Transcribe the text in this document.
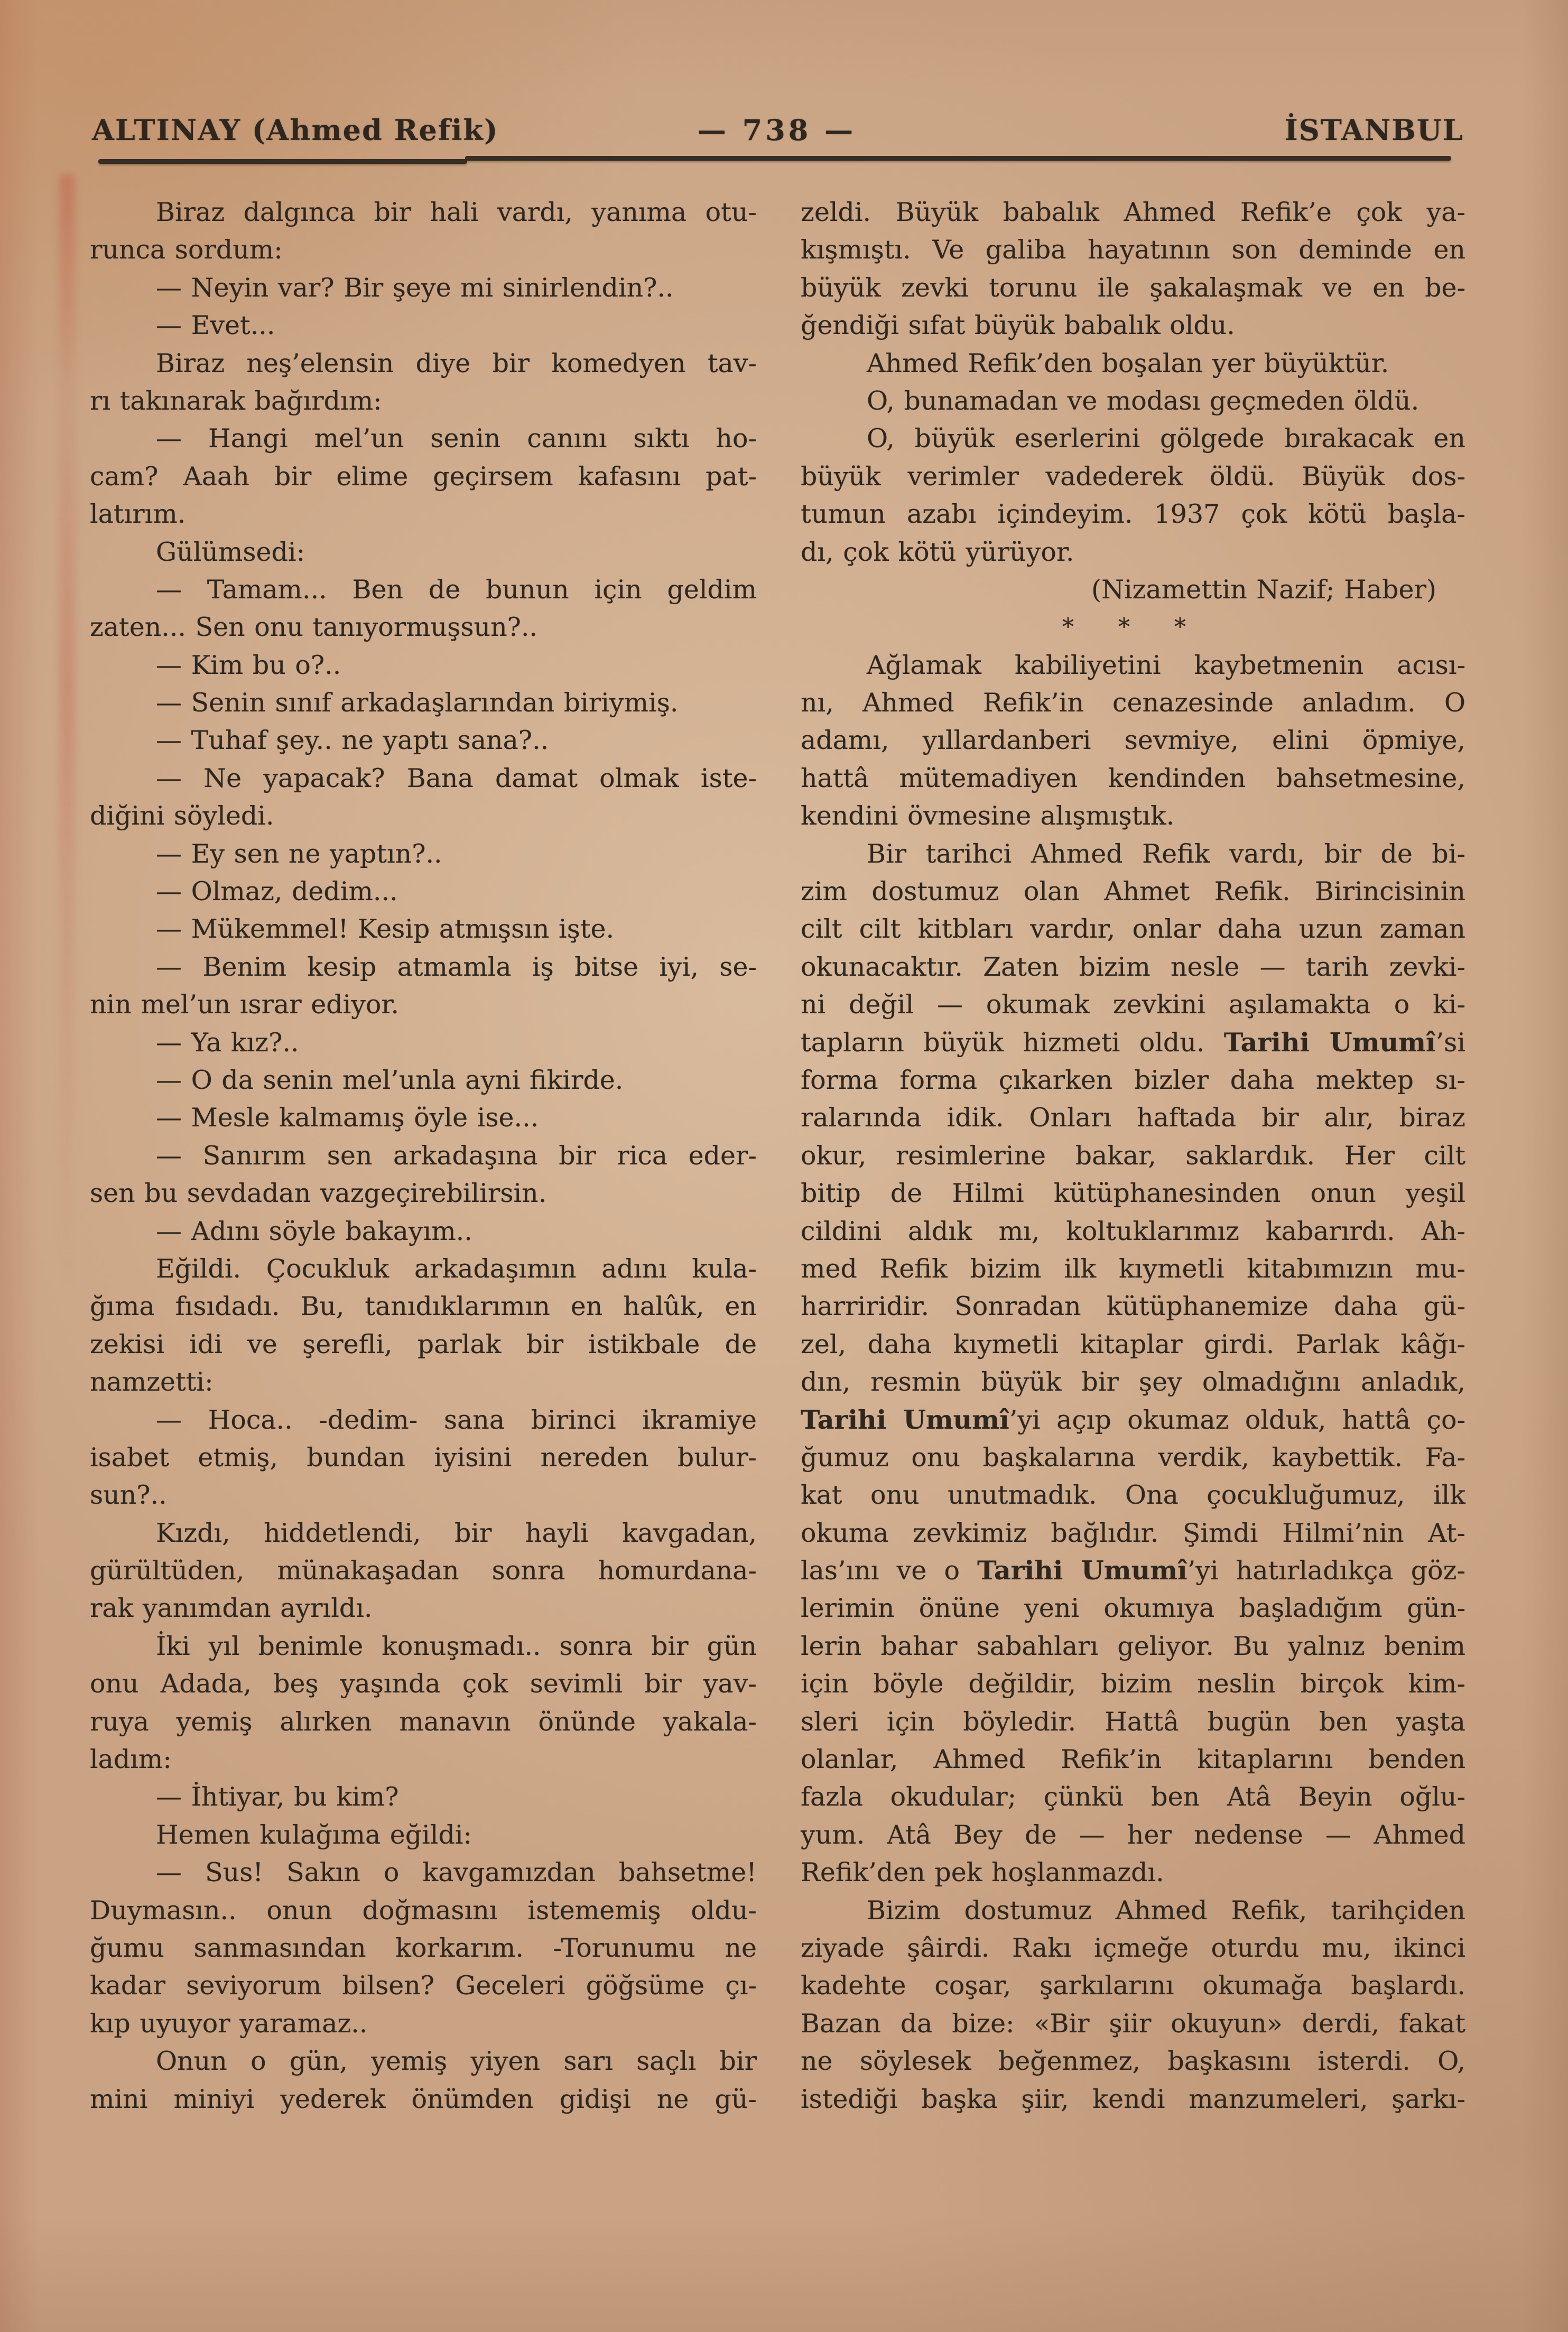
ALTINAY (Ahmed Refik)	— 738 —	İSTANBUL
Biraz dalgınca bir hali vardı, yanıma otu-
runca sordum:
— Neyin var? Bir şeye mi sinirlendin?..
— Evet...
Biraz neş’elensin diye bir komedyen tav-
rı takınarak bağırdım:
— Hangi mel’un senin canını sıktı ho-
cam? Aaah bir elime geçirsem kafasını pat-
latırım.
Gülümsedi:
— Tamam... Ben de bunun için geldim
zaten... Sen onu tanıyormuşsun?..
— Kim bu o?..
— Senin sınıf arkadaşlarından biriymiş.
— Tuhaf şey.. ne yaptı sana?..
— Ne yapacak? Bana damat olmak iste-
diğini söyledi.
— Ey sen ne yaptın?..
— Olmaz, dedim...
— Mükemmel! Kesip atmışsın işte.
— Benim kesip atmamla iş bitse iyi, se-
nin mel’un ısrar ediyor.
— Ya kız?..
— O da senin mel’unla ayni fikirde.
— Mesle kalmamış öyle ise...
— Sanırım sen arkadaşına bir rica eder-
sen bu sevdadan vazgeçirebilirsin.
— Adını söyle bakayım..
Eğildi. Çocukluk arkadaşımın adını kula-
ğıma fısıdadı. Bu, tanıdıklarımın en halûk, en
zekisi idi ve şerefli, parlak bir istikbale de
namzetti:
— Hoca.. -dedim- sana birinci ikramiye
isabet etmiş, bundan iyisini nereden bulur-
sun?..
Kızdı, hiddetlendi, bir hayli kavgadan,
gürültüden, münakaşadan sonra homurdana-
rak yanımdan ayrıldı.
İki yıl benimle konuşmadı.. sonra bir gün
onu Adada, beş yaşında çok sevimli bir yav-
ruya yemiş alırken manavın önünde yakala-
ladım:
— İhtiyar, bu kim?
Hemen kulağıma eğildi:
— Sus! Sakın o kavgamızdan bahsetme!
Duymasın.. onun doğmasını istememiş oldu-
ğumu sanmasından korkarım. -Torunumu ne
kadar seviyorum bilsen? Geceleri göğsüme çı-
kıp uyuyor yaramaz..
Onun o gün, yemiş yiyen sarı saçlı bir
mini miniyi yederek önümden gidişi ne gü-
zeldi. Büyük babalık Ahmed Refik’e çok ya-
kışmıştı. Ve galiba hayatının son deminde en
büyük zevki torunu ile şakalaşmak ve en be-
ğendiği sıfat büyük babalık oldu.
Ahmed Refik’den boşalan yer büyüktür.
O, bunamadan ve modası geçmeden öldü.
O, büyük eserlerini gölgede bırakacak en
büyük verimler vadederek öldü. Büyük dos-
tumun azabı içindeyim. 1937 çok kötü başla-
dı, çok kötü yürüyor.
(Nizamettin Nazif; Haber)
* * *
Ağlamak kabiliyetini kaybetmenin acısı-
nı, Ahmed Refik’in cenazesinde anladım. O
adamı, yıllardanberi sevmiye, elini öpmiye,
hattâ mütemadiyen kendinden bahsetmesine,
kendini övmesine alışmıştık.
Bir tarihci Ahmed Refik vardı, bir de bi-
zim dostumuz olan Ahmet Refik. Birincisinin
cilt cilt kitbları vardır, onlar daha uzun zaman
okunacaktır. Zaten bizim nesle — tarih zevki-
ni değil — okumak zevkini aşılamakta o ki-
tapların büyük hizmeti oldu. Tarihi Umumî’si
forma forma çıkarken bizler daha mektep sı-
ralarında idik. Onları haftada bir alır, biraz
okur, resimlerine bakar, saklardık. Her cilt
bitip de Hilmi kütüphanesinden onun yeşil
cildini aldık mı, koltuklarımız kabarırdı. Ah-
med Refik bizim ilk kıymetli kitabımızın mu-
harriridir. Sonradan kütüphanemize daha gü-
zel, daha kıymetli kitaplar girdi. Parlak kâğı-
dın, resmin büyük bir şey olmadığını anladık,
Tarihi Umumî’yi açıp okumaz olduk, hattâ ço-
ğumuz onu başkalarına verdik, kaybettik. Fa-
kat onu unutmadık. Ona çocukluğumuz, ilk
okuma zevkimiz bağlıdır. Şimdi Hilmi’nin At-
las’ını ve o Tarihi Umumî’yi hatırladıkça göz-
lerimin önüne yeni okumıya başladığım gün-
lerin bahar sabahları geliyor. Bu yalnız benim
için böyle değildir, bizim neslin birçok kim-
sleri için böyledir. Hattâ bugün ben yaşta
olanlar, Ahmed Refik’in kitaplarını benden
fazla okudular; çünkü ben Atâ Beyin oğlu-
yum. Atâ Bey de — her nedense — Ahmed
Refik’den pek hoşlanmazdı.
Bizim dostumuz Ahmed Refik, tarihçiden
ziyade şâirdi. Rakı içmeğe oturdu mu, ikinci
kadehte coşar, şarkılarını okumağa başlardı.
Bazan da bize: «Bir şiir okuyun» derdi, fakat
ne söylesek beğenmez, başkasını isterdi. O,
istediği başka şiir, kendi manzumeleri, şarkı-
